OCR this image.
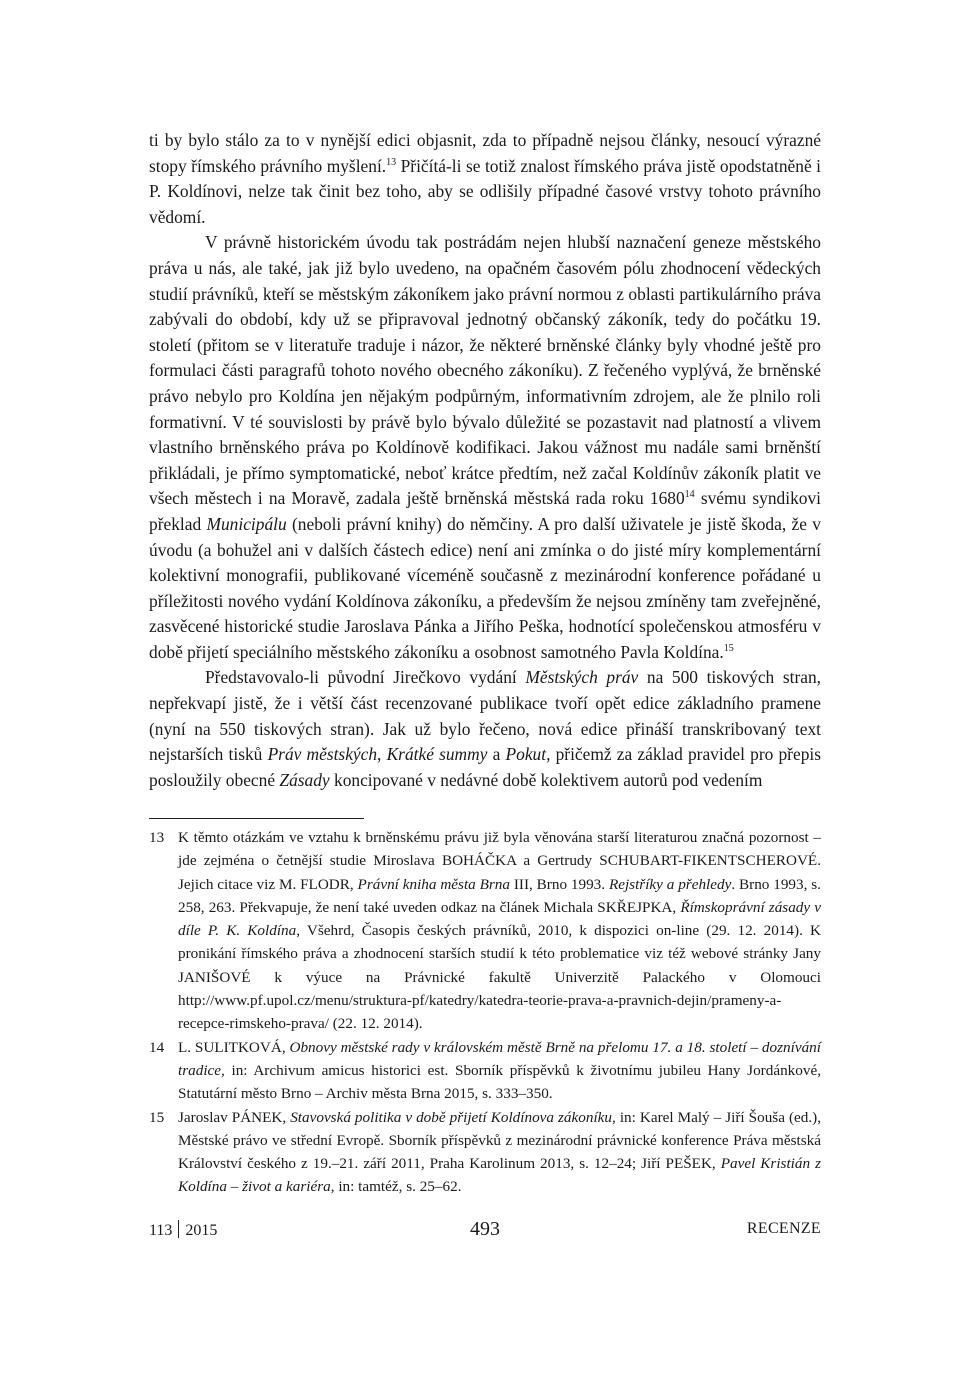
ti by bylo stálo za to v nynější edici objasnit, zda to případně nejsou články, nesoucí výrazné stopy římského právního myšlení.$^{13}$ Přičítá-li se totiž znalost římského práva jistě opodstatněně i P. Koldínovi, nelze tak činit bez toho, aby se odlišily případné časové vrstvy tohoto právního vědomí.

V právně historickém úvodu tak postrádám nejen hlubší naznačení geneze městského práva u nás, ale také, jak již bylo uvedeno, na opačném časovém pólu zhodnocení vědeckých studií právníků, kteří se městským zákoníkem jako právní normou z oblasti partikulárního práva zabývali do období, kdy už se připravoval jednotný občanský zákoník, tedy do počátku 19. století (přitom se v literatuře traduje i názor, že některé brněnské články byly vhodné ještě pro formulaci části paragrafů tohoto nového obecného zákoníku). Z řečeného vyplývá, že brněnské právo nebylo pro Koldína jen nějakým podpůrným, informativním zdrojem, ale že plnilo roli formativní. V té souvislosti by právě bylo bývalo důležité se pozastavit nad platností a vlivem vlastního brněnského práva po Koldínově kodifikaci. Jakou vážnost mu nadále sami brněnští přikládali, je přímo symptomatické, neboť krátce předtím, než začal Koldínův zákoník platit ve všech městech i na Moravě, zadala ještě brněnská městská rada roku 1680$^{14}$ svému syndikovi překlad Municipálu (neboli právní knihy) do němčiny. A pro další uživatele je jistě škoda, že v úvodu (a bohužel ani v dalších částech edice) není ani zmínka o do jisté míry komplementární kolektivní monografii, publikované víceméně současně z mezinárodní konference pořádané u příležitosti nového vydání Koldínova zákoníku, a především že nejsou zmíněny tam zveřejněné, zasvěcené historické studie Jaroslava Pánka a Jiřího Peška, hodnotící společenskou atmosféru v době přijetí speciálního městského zákoníku a osobnost samotného Pavla Koldína.$^{15}$

Představovalo-li původní Jirečkovo vydání Městských práv na 500 tiskových stran, nepřekvapí jistě, že i větší část recenzované publikace tvoří opět edice základního pramene (nyní na 550 tiskových stran). Jak už bylo řečeno, nová edice přináší transkribovaný text nejstarších tisků Práv městských, Krátké summy a Pokut, přičemž za základ pravidel pro přepis posloužily obecné Zásady koncipované v nedávné době kolektivem autorů pod vedením

13 K těmto otázkám ve vztahu k brněnskému právu již byla věnována starší literaturou značná pozornost – jde zejména o četnější studie Miroslava BOHÁČKA a Gertrudy SCHUBART-FIKENTSCHEROVÉ. Jejich citace viz M. FLODR, Právní kniha města Brna III, Brno 1993. Rejstříky a přehledy. Brno 1993, s. 258, 263. Překvapuje, že není také uveden odkaz na článek Michala SKŘEJPKA, Římskoprávní zásady v díle P. K. Koldína, Všehrd, Časopis českých právníků, 2010, k dispozici on-line (29. 12. 2014). K pronikání římského práva a zhodnocení starších studií k této problematice viz též webové stránky Jany JANIŠOVÉ k výuce na Právnické fakultě Univerzitě Palackého v Olomouci http://www.pf.upol.cz/menu/struktura-pf/katedry/katedra-teorie-prava-a-pravnich-dejin/prameny-a-recepce-rimskeho-prava/ (22. 12. 2014).

14 L. SULITKOVÁ, Obnovy městské rady v královském městě Brně na přelomu 17. a 18. století – doznívání tradice, in: Archivum amicus historici est. Sborník příspěvků k životnímu jubileu Hany Jordánkové, Statutární město Brno – Archiv města Brna 2015, s. 333–350.

15 Jaroslav PÁNEK, Stavovská politika v době přijetí Koldínova zákoníku, in: Karel Malý – Jiří Šouša (ed.), Městské právo ve střední Evropě. Sborník příspěvků z mezinárodní právnické konference Práva městská Království českého z 19.–21. září 2011, Praha Karolinum 2013, s. 12–24; Jiří PEŠEK, Pavel Kristián z Koldína – život a kariéra, in: tamtéž, s. 25–62.

113 2015	493	RECENZE
